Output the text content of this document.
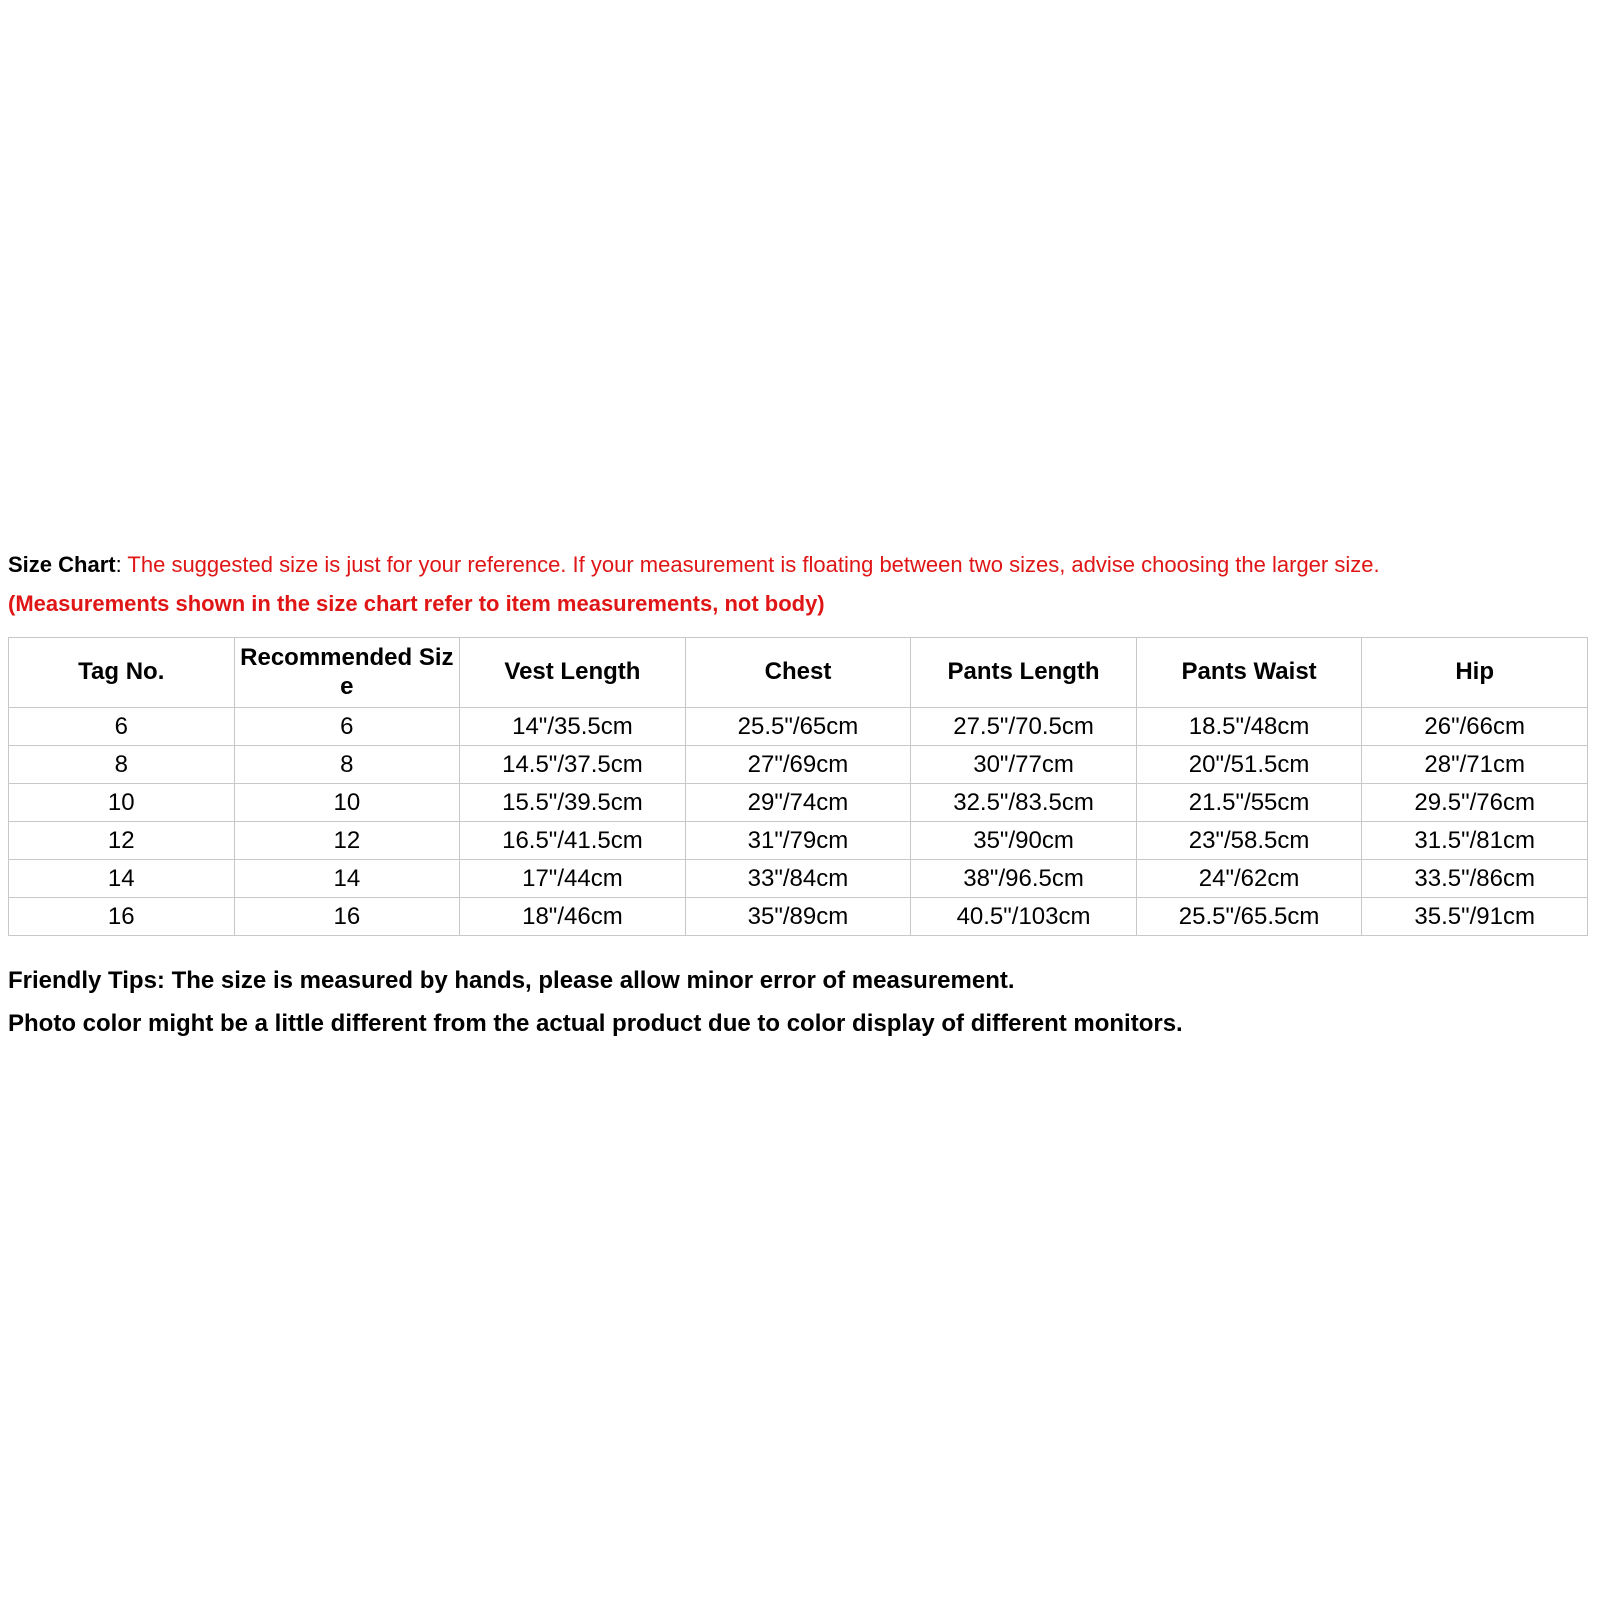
Size Chart: The suggested size is just for your reference. If your measurement is floating between two sizes, advise choosing the larger size.

(Measurements shown in the size chart refer to item measurements, not body)

Tag No.	Recommended Size	Vest Length	Chest	Pants Length	Pants Waist	Hip
6	6	14"/35.5cm	25.5"/65cm	27.5"/70.5cm	18.5"/48cm	26"/66cm
8	8	14.5"/37.5cm	27"/69cm	30"/77cm	20"/51.5cm	28"/71cm
10	10	15.5"/39.5cm	29"/74cm	32.5"/83.5cm	21.5"/55cm	29.5"/76cm
12	12	16.5"/41.5cm	31"/79cm	35"/90cm	23"/58.5cm	31.5"/81cm
14	14	17"/44cm	33"/84cm	38"/96.5cm	24"/62cm	33.5"/86cm
16	16	18"/46cm	35"/89cm	40.5"/103cm	25.5"/65.5cm	35.5"/91cm

Friendly Tips: The size is measured by hands, please allow minor error of measurement.

Photo color might be a little different from the actual product due to color display of different monitors.
